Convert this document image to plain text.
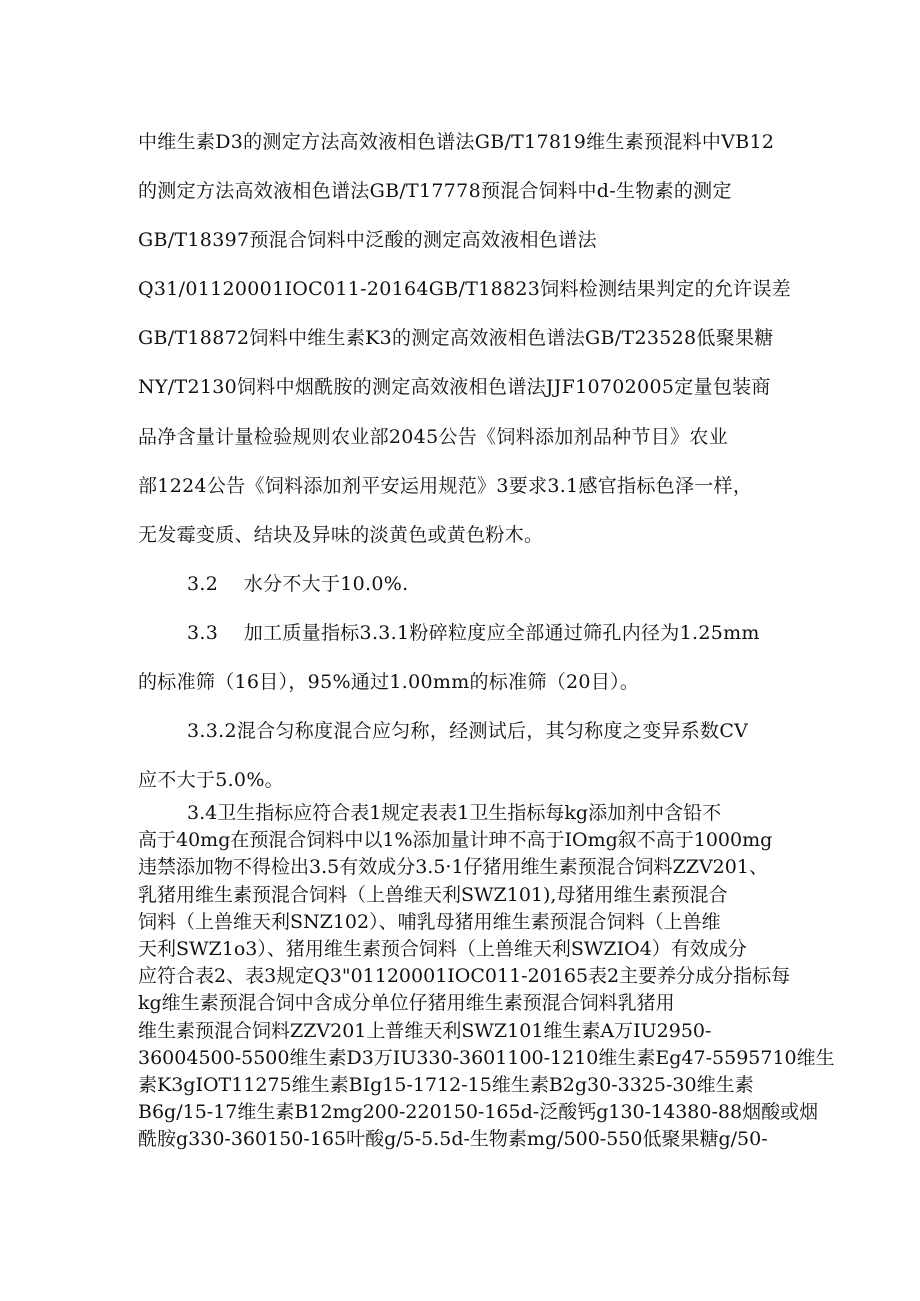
中维生素D3的测定方法高效液相色谱法GB/T17819维生素预混料中VB12
的测定方法高效液相色谱法GB/T17778预混合饲料中d-生物素的测定
GB/T18397预混合饲料中泛酸的测定高效液相色谱法
Q31/01120001IOC011-20164GB/T18823饲料检测结果判定的允许误差
GB/T18872饲料中维生素K3的测定高效液相色谱法GB/T23528低聚果糖
NY/T2130饲料中烟酰胺的测定高效液相色谱法JJF10702005定量包装商
品净含量计量检验规则农业部2045公告《饲料添加剂品种节目》农业
部1224公告《饲料添加剂平安运用规范》3要求3.1感官指标色泽一样，
无发霉变质、结块及异味的淡黄色或黄色粉木。
3.2　 水分不大于10.0%.
3.3　 加工质量指标3.3.1粉碎粒度应全部通过筛孔内径为1.25mm
的标准筛（16目），95%通过1.00mm的标准筛（20目）。
3.3.2混合匀称度混合应匀称，经测试后，其匀称度之变异系数CV
应不大于5.0%。
3.4卫生指标应符合表1规定表表1卫生指标每kg添加剂中含铅不
高于40mg在预混合饲料中以1%添加量计珅不高于IOmg叙不高于1000mg
违禁添加物不得检出3.5有效成分3.5·1仔猪用维生素预混合饲料ZZV201、
乳猪用维生素预混合饲料（上兽维天利SWZ101),母猪用维生素预混合
饲料（上兽维天利SNZ102）、哺乳母猪用维生素预混合饲料（上兽维
天利SWZ1o3）、猪用维生素预合饲料（上兽维天利SWZIO4）有效成分
应符合表2、表3规定Q3"01120001IOC011-20165表2主要养分成分指标每
kg维生素预混合饲中含成分单位仔猪用维生素预混合饲料乳猪用
维生素预混合饲料ZZV201上普维天利SWZ101维生素A万IU2950-
36004500-5500维生素D3万IU330-3601100-1210维生素Eg47-5595710维生
素K3gIOT11275维生素BIg15-1712-15维生素B2g30-3325-30维生素
B6g/15-17维生素B12mg200-220150-165d-泛酸钙g130-14380-88烟酸或烟
酰胺g330-360150-165叶酸g/5-5.5d-生物素mg/500-550低聚果糖g/50-
